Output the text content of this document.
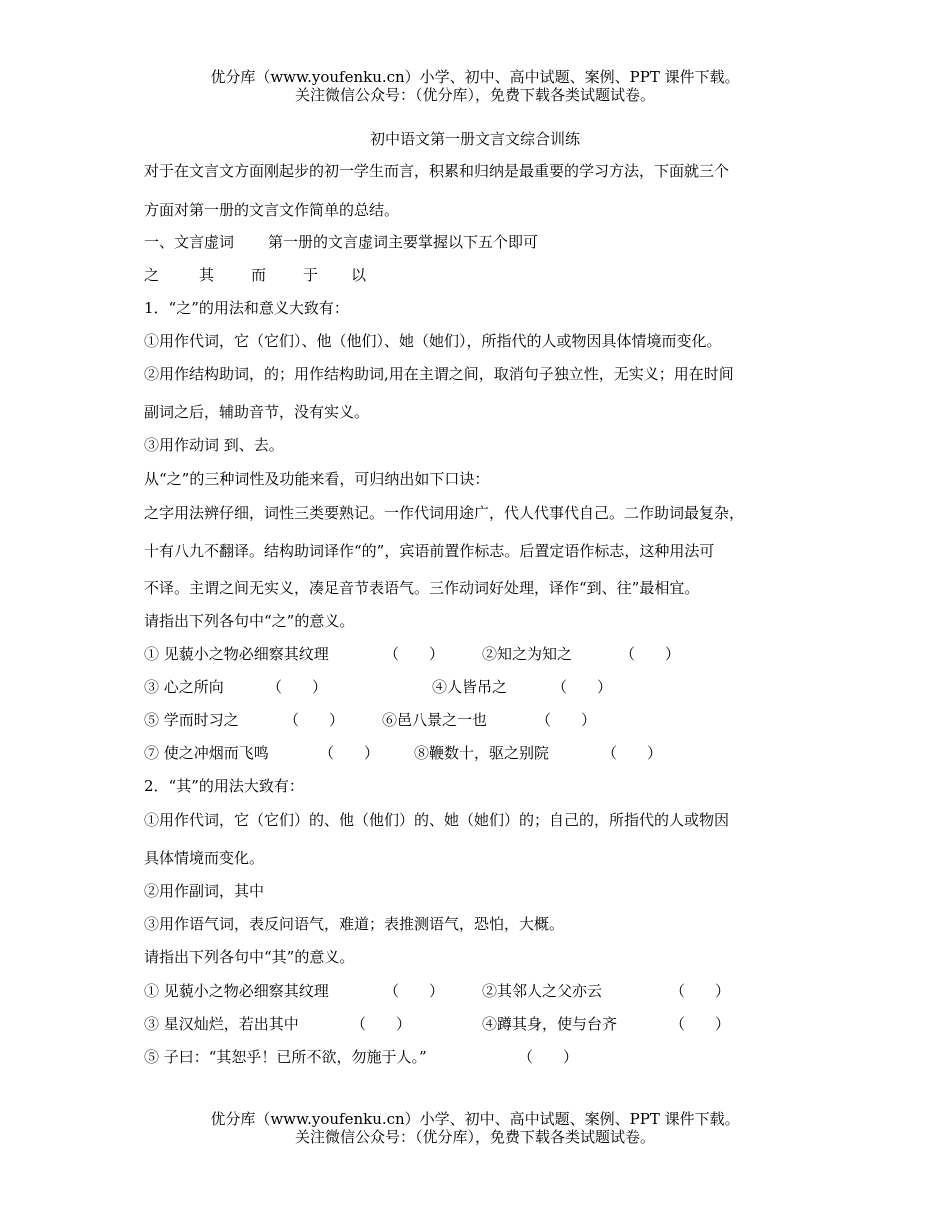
优分库（www.youfenku.cn）小学、初中、高中试题、案例、PPT 课件下载。
关注微信公众号：（优分库），免费下载各类试题试卷。
初中语文第一册文言文综合训练
对于在文言文方面刚起步的初一学生而言，积累和归纳是最重要的学习方法，下面就三个
方面对第一册的文言文作简单的总结。
一、文言虚词 第一册的文言虚词主要掌握以下五个即可
之	其 而 于 以
1．“之”的用法和意义大致有：
①用作代词，它（它们）、他（他们）、她（她们），所指代的人或物因具体情境而变化。
②用作结构助词，的；用作结构助词,用在主谓之间，取消句子独立性，无实义；用在时间
副词之后，辅助音节，没有实义。
③用作动词 到、去。
从“之”的三种词性及功能来看，可归纳出如下口诀：
之字用法辨仔细，词性三类要熟记。一作代词用途广，代人代事代自己。二作助词最复杂，
十有八九不翻译。结构助词译作“的”，宾语前置作标志。后置定语作标志，这种用法可
不译。主谓之间无实义，凑足音节表语气。三作动词好处理，译作“到、往”最相宜。
请指出下列各句中“之”的意义。
① 见藐小之物必细察其纹理	（　　）	②知之为知之	（　　）
③ 心之所向	（　　）	④人皆吊之	（　　）
⑤ 学而时习之	（　　）	⑥邑八景之一也	（　　）
⑦ 使之冲烟而飞鸣	（　　） ⑧鞭数十，驱之别院	（　　）
2．“其”的用法大致有：
①用作代词，它（它们）的、他（他们）的、她（她们）的；自己的，所指代的人或物因
具体情境而变化。
②用作副词，其中
③用作语气词，表反问语气，难道；表推测语气，恐怕，大概。
请指出下列各句中“其”的意义。
① 见藐小之物必细察其纹理	（　　）	②其邻人之父亦云	（　　）
③ 星汉灿烂，若出其中	（　　）	④蹲其身，使与台齐	（　　）
⑤ 子曰：“其恕乎！已所不欲，勿施于人。”	（　　）
优分库（www.youfenku.cn）小学、初中、高中试题、案例、PPT 课件下载。
关注微信公众号：（优分库），免费下载各类试题试卷。
